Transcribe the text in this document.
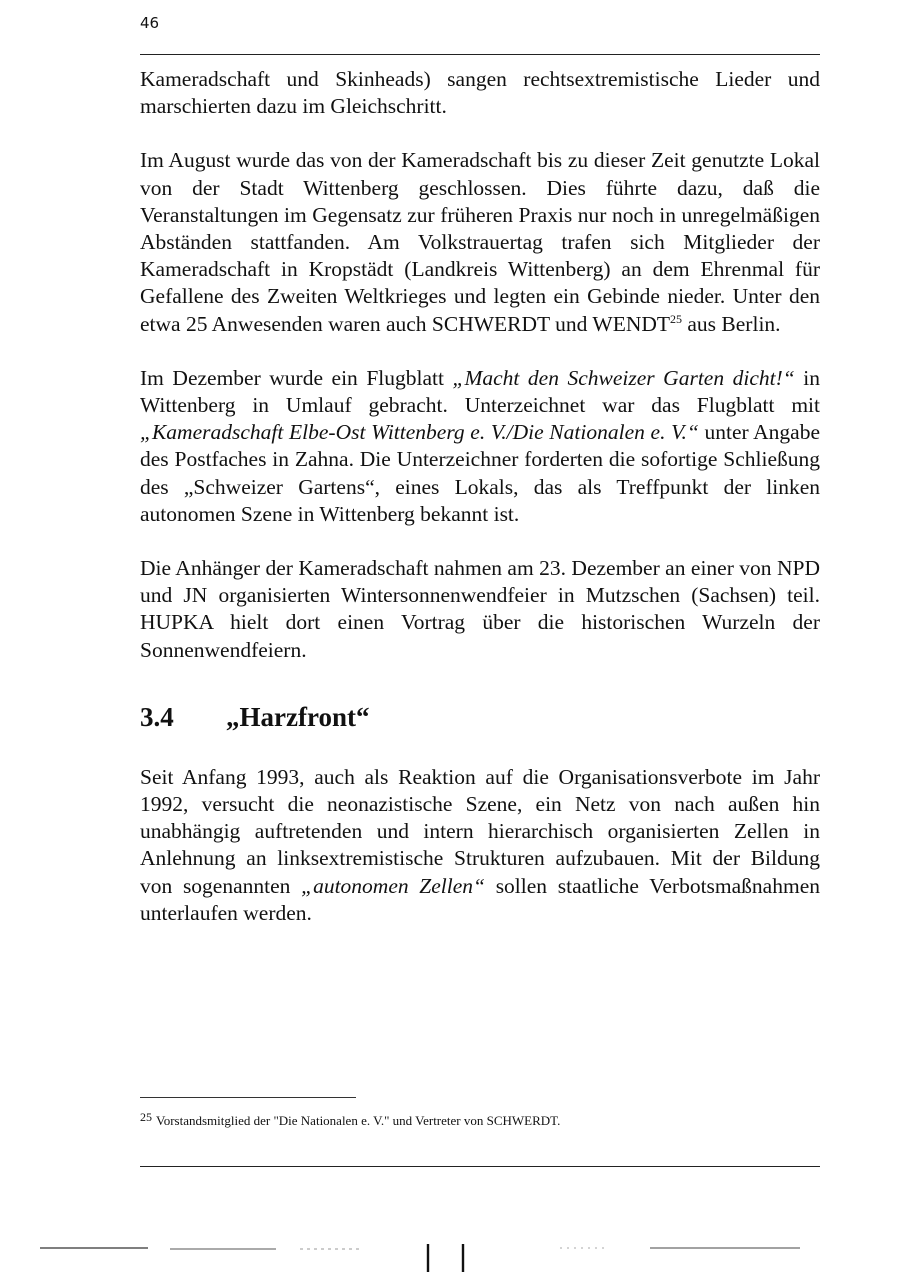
46

Kameradschaft und Skinheads) sangen rechtsextremistische Lieder und marschierten dazu im Gleichschritt.

Im August wurde das von der Kameradschaft bis zu dieser Zeit genutzte Lokal von der Stadt Wittenberg geschlossen. Dies führte dazu, daß die Veranstaltungen im Gegensatz zur früheren Praxis nur noch in unregelmäßigen Abständen stattfanden. Am Volkstrauertag trafen sich Mitglieder der Kameradschaft in Kropstädt (Landkreis Wittenberg) an dem Ehrenmal für Gefallene des Zweiten Weltkrieges und legten ein Gebinde nieder. Unter den etwa 25 Anwesenden waren auch SCHWERDT und WENDT$^{25}$ aus Berlin.

Im Dezember wurde ein Flugblatt „Macht den Schweizer Garten dicht!“ in Wittenberg in Umlauf gebracht. Unterzeichnet war das Flugblatt mit „Kameradschaft Elbe-Ost Wittenberg e. V./Die Nationalen e. V.“ unter Angabe des Postfaches in Zahna. Die Unterzeichner forderten die sofortige Schließung des „Schweizer Gartens“, eines Lokals, das als Treffpunkt der linken autonomen Szene in Wittenberg bekannt ist.

Die Anhänger der Kameradschaft nahmen am 23. Dezember an einer von NPD und JN organisierten Wintersonnenwendfeier in Mutzschen (Sachsen) teil. HUPKA hielt dort einen Vortrag über die historischen Wurzeln der Sonnenwendfeiern.

3.4 „Harzfront“

Seit Anfang 1993, auch als Reaktion auf die Organisationsverbote im Jahr 1992, versucht die neonazistische Szene, ein Netz von nach außen hin unabhängig auftretenden und intern hierarchisch organisierten Zellen in Anlehnung an linksextremistische Strukturen aufzubauen. Mit der Bildung von sogenannten „autonomen Zellen“ sollen staatliche Verbotsmaßnahmen unterlaufen werden.

$^{25}$ Vorstandsmitglied der "Die Nationalen e. V." und Vertreter von SCHWERDT.
